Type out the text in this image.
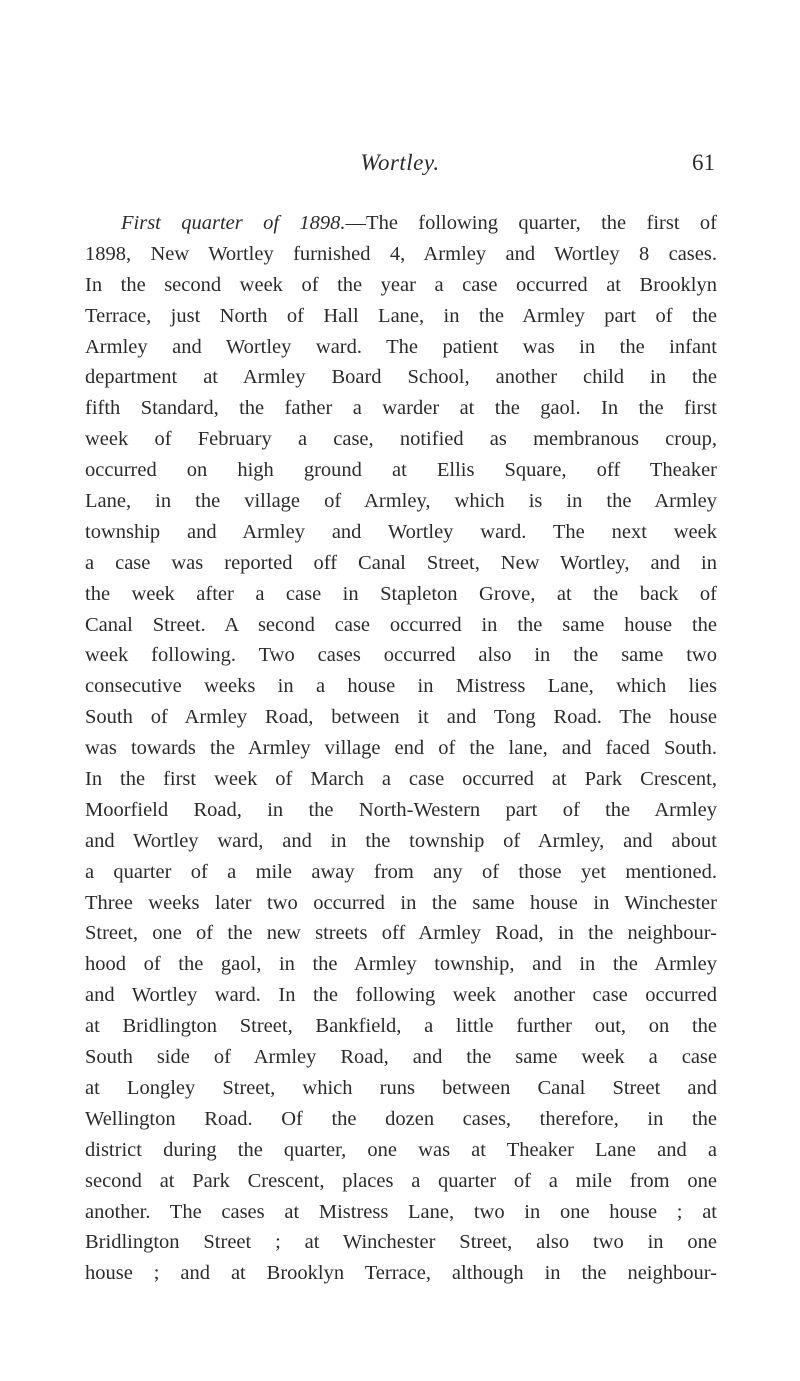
Wortley.	61
First quarter of 1898.—The following quarter, the first of
1898, New Wortley furnished 4, Armley and Wortley 8 cases.
In the second week of the year a case occurred at Brooklyn
Terrace, just North of Hall Lane, in the Armley part of the
Armley and Wortley ward. The patient was in the infant
department at Armley Board School, another child in the
fifth Standard, the father a warder at the gaol. In the first
week of February a case, notified as membranous croup,
occurred on high ground at Ellis Square, off Theaker
Lane, in the village of Armley, which is in the Armley
township and Armley and Wortley ward. The next week
a case was reported off Canal Street, New Wortley, and in
the week after a case in Stapleton Grove, at the back of
Canal Street. A second case occurred in the same house the
week following. Two cases occurred also in the same two
consecutive weeks in a house in Mistress Lane, which lies
South of Armley Road, between it and Tong Road. The house
was towards the Armley village end of the lane, and faced South.
In the first week of March a case occurred at Park Crescent,
Moorfield Road, in the North-Western part of the Armley
and Wortley ward, and in the township of Armley, and about
a quarter of a mile away from any of those yet mentioned.
Three weeks later two occurred in the same house in Winchester
Street, one of the new streets off Armley Road, in the neighbour-
hood of the gaol, in the Armley township, and in the Armley
and Wortley ward. In the following week another case occurred
at Bridlington Street, Bankfield, a little further out, on the
South side of Armley Road, and the same week a case
at Longley Street, which runs between Canal Street and
Wellington Road. Of the dozen cases, therefore, in the
district during the quarter, one was at Theaker Lane and a
second at Park Crescent, places a quarter of a mile from one
another. The cases at Mistress Lane, two in one house ; at
Bridlington Street ; at Winchester Street, also two in one
house ; and at Brooklyn Terrace, although in the neighbour-
